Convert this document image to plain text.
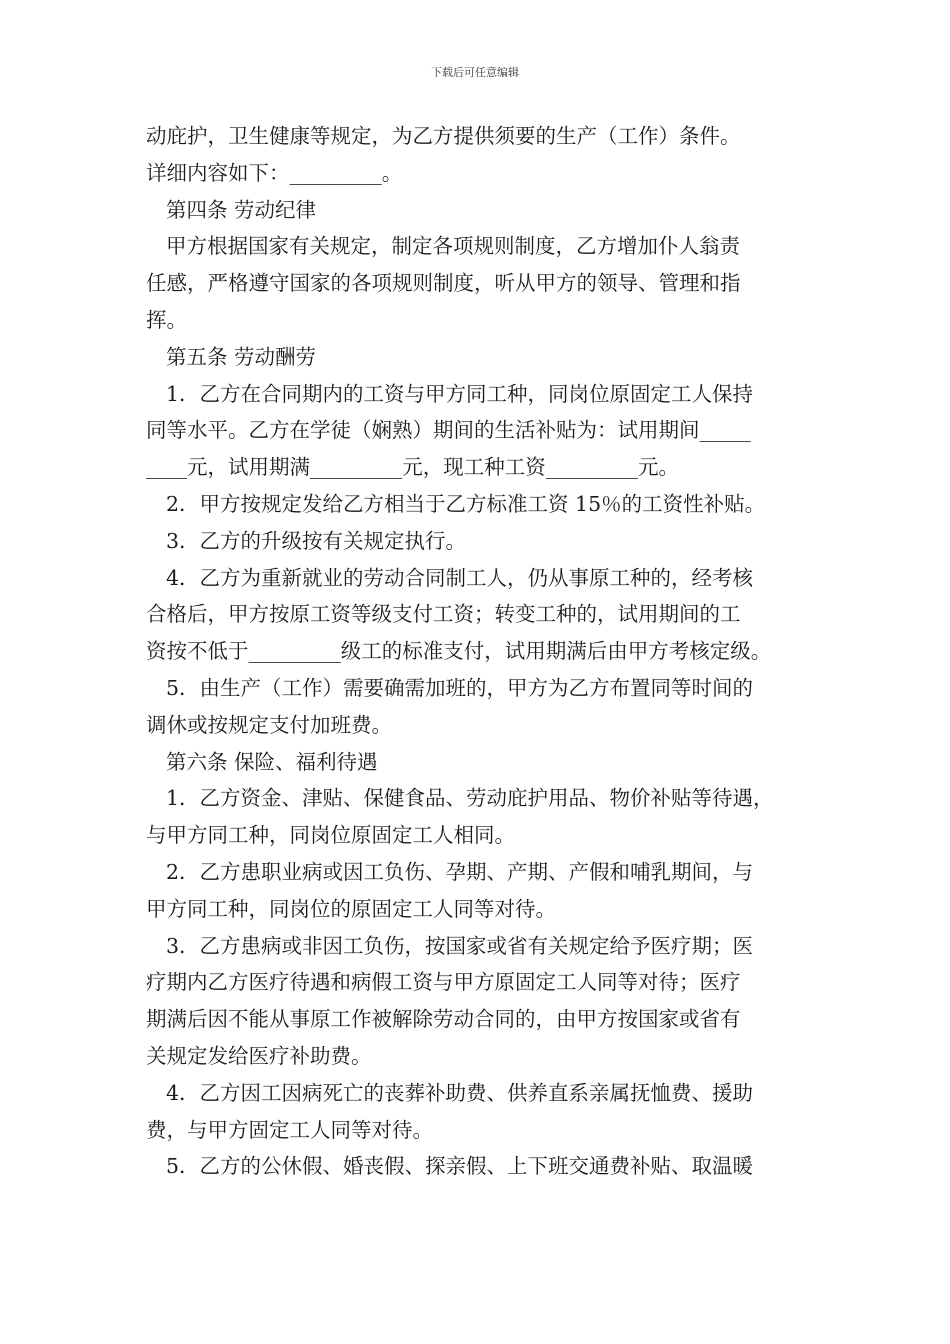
下载后可任意编辑
动庇护，卫生健康等规定，为乙方提供须要的生产（工作）条件。
详细内容如下：_________。
第四条 劳动纪律
甲方根据国家有关规定，制定各项规则制度，乙方增加仆人翁责
任感，严格遵守国家的各项规则制度，听从甲方的领导、管理和指
挥。
第五条 劳动酬劳
1．乙方在合同期内的工资与甲方同工种，同岗位原固定工人保持
同等水平。乙方在学徒（娴熟）期间的生活补贴为：试用期间_____
____元，试用期满_________元，现工种工资_________元。
2．甲方按规定发给乙方相当于乙方标准工资 15％的工资性补贴。
3．乙方的升级按有关规定执行。
4．乙方为重新就业的劳动合同制工人，仍从事原工种的，经考核
合格后，甲方按原工资等级支付工资；转变工种的，试用期间的工
资按不低于_________级工的标准支付，试用期满后由甲方考核定级。
5．由生产（工作）需要确需加班的，甲方为乙方布置同等时间的
调休或按规定支付加班费。
第六条 保险、福利待遇
1．乙方资金、津贴、保健食品、劳动庇护用品、物价补贴等待遇，
与甲方同工种，同岗位原固定工人相同。
2．乙方患职业病或因工负伤、孕期、产期、产假和哺乳期间，与
甲方同工种，同岗位的原固定工人同等对待。
3．乙方患病或非因工负伤，按国家或省有关规定给予医疗期；医
疗期内乙方医疗待遇和病假工资与甲方原固定工人同等对待；医疗
期满后因不能从事原工作被解除劳动合同的，由甲方按国家或省有
关规定发给医疗补助费。
4．乙方因工因病死亡的丧葬补助费、供养直系亲属抚恤费、援助
费，与甲方固定工人同等对待。
5．乙方的公休假、婚丧假、探亲假、上下班交通费补贴、取温暖
